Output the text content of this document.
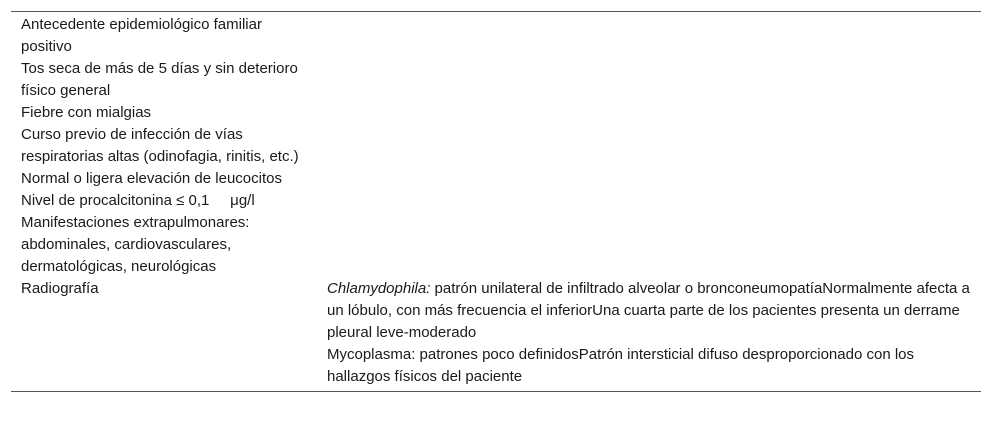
Antecedente epidemiológico familiar positivo
Tos seca de más de 5 días y sin deterioro físico general
Fiebre con mialgias
Curso previo de infección de vías respiratorias altas (odinofagia, rinitis, etc.)
Normal o ligera elevación de leucocitos
Nivel de procalcitonina ≤ 0,1     μg/l
Manifestaciones extrapulmonares: abdominales, cardiovasculares, dermatológicas, neurológicas
Radiografía	Chlamydophila: patrón unilateral de infiltrado alveolar o bronconeumopatíaNormalmente afecta a un lóbulo, con más frecuencia el inferiorUna cuarta parte de los pacientes presenta un derrame pleural leve-moderado
Mycoplasma: patrones poco definidosPatrón intersticial difuso desproporcionado con los hallazgos físicos del paciente
